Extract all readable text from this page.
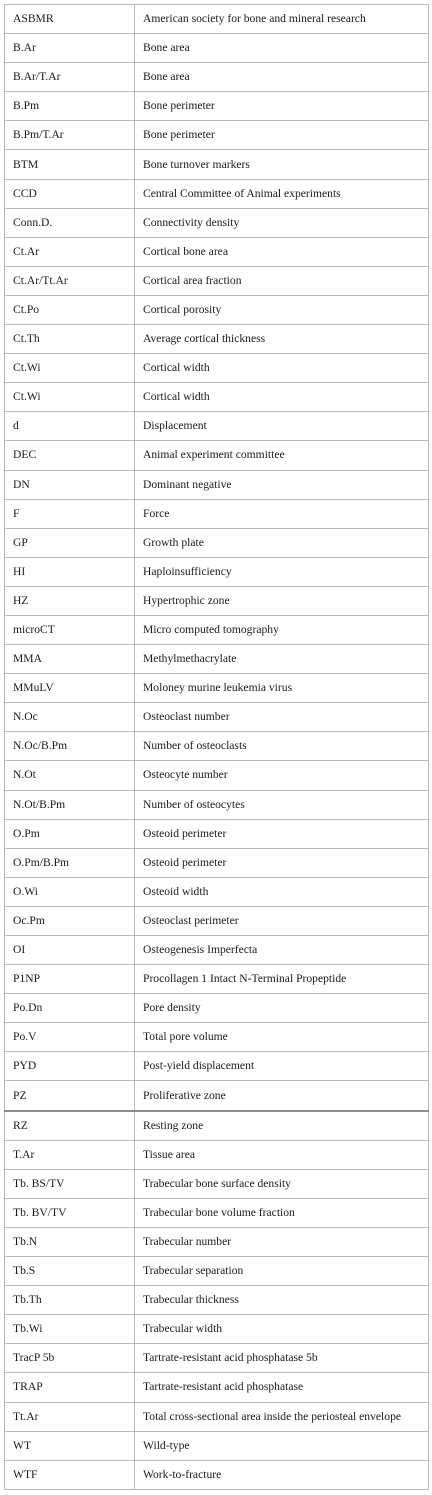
ASBMR	American society for bone and mineral research
B.Ar	Bone area
B.Ar/T.Ar	Bone area
B.Pm	Bone perimeter
B.Pm/T.Ar	Bone perimeter
BTM	Bone turnover markers
CCD	Central Committee of Animal experiments
Conn.D.	Connectivity density
Ct.Ar	Cortical bone area
Ct.Ar/Tt.Ar	Cortical area fraction
Ct.Po	Cortical porosity
Ct.Th	Average cortical thickness
Ct.Wi	Cortical width
Ct.Wi	Cortical width
d	Displacement
DEC	Animal experiment committee
DN	Dominant negative
F	Force
GP	Growth plate
HI	Haploinsufficiency
HZ	Hypertrophic zone
microCT	Micro computed tomography
MMA	Methylmethacrylate
MMuLV	Moloney murine leukemia virus
N.Oc	Osteoclast number
N.Oc/B.Pm	Number of osteoclasts
N.Ot	Osteocyte number
N.Ot/B.Pm	Number of osteocytes
O.Pm	Osteoid perimeter
O.Pm/B.Pm	Osteoid perimeter
O.Wi	Osteoid width
Oc.Pm	Osteoclast perimeter
OI	Osteogenesis Imperfecta
P1NP	Procollagen 1 Intact N-Terminal Propeptide
Po.Dn	Pore density
Po.V	Total pore volume
PYD	Post-yield displacement
PZ	Proliferative zone
RZ	Resting zone
T.Ar	Tissue area
Tb. BS/TV	Trabecular bone surface density
Tb. BV/TV	Trabecular bone volume fraction
Tb.N	Trabecular number
Tb.S	Trabecular separation
Tb.Th	Trabecular thickness
Tb.Wi	Trabecular width
TracP 5b	Tartrate-resistant acid phosphatase 5b
TRAP	Tartrate-resistant acid phosphatase
Tt.Ar	Total cross-sectional area inside the periosteal envelope
WT	Wild-type
WTF	Work-to-fracture
